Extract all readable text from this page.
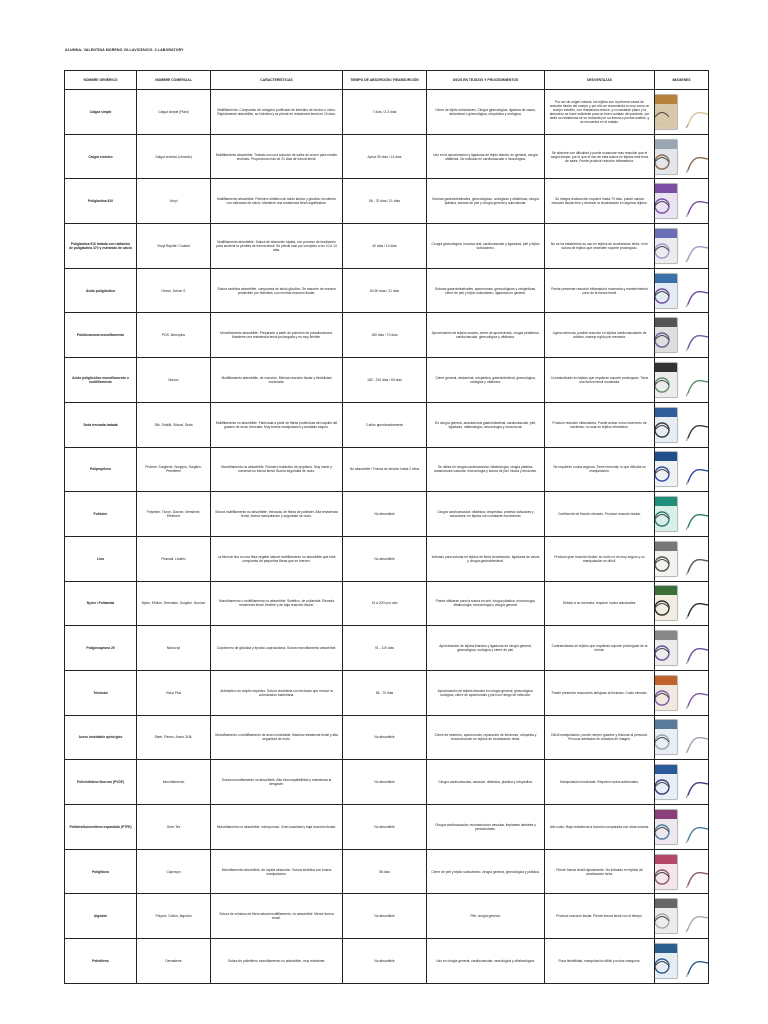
ALUMNA: VALENTINA MORENO VILLAVICENCIO. 3 LABORATORY
NOMBRE GENÉRICO	NOMBRE COMERCIAL	CARACTERÍSTICAS	TIEMPO DE ABSORCIÓN / REABSORCIÓN	USOS EN TEJIDOS Y PROCEDIMIENTOS	DESVENTAJAS	IMÁGENES
Catgut simple	Catgut simple (Plain)	Multifilamento. Compuesto de colágeno purificado de intestino de bovino u ovino. Rápidamente absorbible, se hidroliza y se pierde en resistencia tensil en 10 días.	7 días / 2-3 días	Cierre de tejido subcutáneo, Cirugía ginecológica, ligadura de vasos, abdominal o ginecológica, ortopédica y urológica.	Por ser de origen natural, los tejidos son la primera causa de reacción tisular del cuerpo y por ello se recomienda su uso como un cuerpo extraño, con resistencia reduce, y su bastante plano y la absorción se hace suficiente para un buen cuidado del paciente, por tanto su resistencia se ve reducida por su fuerza a puntos sueltos, y se encuentra en el estado.	

Catgut crómico	Catgut crómico (chromic)	Multifilamento absorbible. Tratado con una solución de sales de cromo para resistir enzimas. Proporciona más de 21 días de fuerza tensil.	Aprox 90 días / 14 días	Uso en la aproximación y ligaduras de tejido blando, en general, cirugía oftálmica. No indicado en cardiovascular o neurológica.	Se absorbe con dificultad y puede ocasionar más reacción que el catgut simple, por lo que el uso de esta sutura en tejidos más finos de sales. Puede producir reacción inflamatoria.	

Poliglactina 910	Vicryl	Multifilamento absorbible. Polímero sintético de ácido láctico y glicólico recubierto con estearato de calcio. Mantiene una resistencia tensil significativa.	56 - 70 días / 21 días	Suturas gastrointestinales, ginecológicas, urológicas y oftálmicas, cirugía plástica, suturas de piel y cirugía general y subcuticular.	Su integra reabsorción requiere hasta 70 días, puede causar reacción tisular leve y demorar la cicatrización en algunos tejidos.	

Poliglactina 910 tratada con radiación de poliglactina 370 y estearato de calcio	Vicryl Rapide / Coated	Multifilamento absorbible. Sutura de absorción rápida, con proceso de irradiación para acelerar la pérdida de fuerza tensil. Se pierde casi por completo a los 10 a 14 días.	42 días / 10 días	Cirugía ginecológica, mucosa oral, cardiovascular y ligaduras, piel y tejido subcutáneo.	No se ha establecido su uso en tejidos de cicatrización lenta, ni en sutura de tejidos que necesiten soporte prolongado.	

Ácido poliglicólico	Dexon, Dexon S	Sutura sintética absorbible, compuesta de ácido glicólico. Se absorbe de manera predecible por hidrólisis, con mínima reacción tisular.	60-90 días / 21 días	Suturas gastrointestinales, aponeurosis, ginecológicas y ortopédicas, cierre de piel y tejido subcutáneo, ligaduras en general.	Puede presentar reacción inflamatoria moderada y mantenimiento corto de la fuerza tensil.	

Polidioxanona monofilamento	PDS, Monoplus	Monofilamento absorbible. Preparado a partir de polímero de paradioxanona. Mantiene una resistencia tensil prolongada y es muy flexible.	180 días / 70 días	Aproximación de tejidos suaves, cierre de aponeurosis, cirugía pediátrica, cardiovascular, ginecológica y oftálmica.	Ligera memoria, posible reacción en tejidos cardiovasculares de adultos, manejo rígido por memoria.	

Ácido poliglicólico monofilamento o multifilamento	Maxon	Multifilamento absorbible, de reacción. Mínima reacción tisular y flexibilidad moderada.	180 - 210 días / 60 días	Cierre general, abdominal, ortopédica, gastrointestinal, ginecológica, urológica y oftálmica.	Contraindicado en tejidos que requieran soporte prolongado. Tiene una fuerza tensil moderada.	

Seda trenzada tratada	Silk, Sofsilk, Silcoat, Seda	Multifilamento no absorbible. Fabricada a partir de fibras proteínicas del capullo del gusano de seda, trenzada. Muy buena manipulación y anudado seguro.	2 años aproximadamente	En cirugía general, anastomosis gastrointestinal, cardiovascular, piel, ligaduras, oftalmología, neurocirugía y zona bucal.	Produce reacción inflamatoria. Puede actuar como reservorio de bacterias, no usar en tejidos infectados.	

Polipropileno	Prolene, Surgilene, Surgipro, Surgilén, Premilene	Monofilamento no absorbible. Polímero isotáctico de propileno. Muy inerte y conserva su fuerza tensil. Buena seguridad de nudo.	No absorbible / Fuerza de tensión hasta 2 años	Se utiliza en cirugía cardiovascular, oftalmología, cirugía plástica, anastomosis vascular, microcirugía y sutura de piel, fascia y tendones.	Se requieren nudos seguros. Tiene memoria, lo que dificulta su manipulación.	

Poliéster	Polyester, Ticron, Dacron, Mersilene, Ethibond	Sutura multifilamento no absorbible, trenzada, de fibras de poliéster. Alta resistencia tensil, buena manipulación y seguridad de nudo.	No absorbible	Cirugía cardiovascular, oftálmica, ortopédica, prótesis valvulares y vasculares, en tejidos con constante movimiento.	Coeficiente de fricción elevado. Produce reacción tisular.	

Lino	Pearsall, Linatrix	La fibra de lino es una fibra vegetal natural multifilamento no absorbible que está compuesta de pequeñas fibras que se tuercen.	No absorbible	Indicado para suturas en tejidos de lenta cicatrización, ligaduras de vasos y cirugía gastrointestinal.	Produce gran reacción tisular, su nudo no es muy seguro y su manipulación es difícil.	

Nylon / Poliamida	Nylon, Ethilon, Dermalon, Surgilon, Nurolon	Monofilamento o multifilamento no absorbible. Sintético, de poliamida. Elevada resistencia tensil, flexible y de baja reacción tisular.	15 a 20% por año	Puede utilizarse para la sutura en piel, cirugía plástica, microcirugía, oftalmología, neurocirugía y cirugía general.	Debido a su memoria, requiere nudos adicionales.	

Poliglecaprona 25	Monocryl	Copolímero de glicólida y épsilon-caprolactona. Sutura monofilamento absorbible.	91 - 119 días	Aproximación de tejidos blandos y ligaduras en cirugía general, ginecológica, urológica y cierre de piel.	Contraindicado en tejidos que requieran soporte prolongado de la herida.	

Triclosán	Vicryl Plus	Antiséptico de amplio espectro. Sutura recubierta con triclosán que reduce la colonización bacteriana.	56 - 70 días	Aproximación de tejidos blandos en cirugía general, ginecológica, urológica, cierre de aponeurosis y piel con riesgo de infección.	Puede presentar reacciones alérgicas al triclosán. Costo elevado.	

Acero inoxidable quirúrgico	Steel, Flexon, Acero 316L	Monofilamento o multifilamento de acero inoxidable. Máxima resistencia tensil y alta seguridad de nudo.	No absorbible	Cierre de esternón, aponeurosis, reparación de tendones, ortopedia y reconstrucción en tejidos de cicatrización lenta.	Difícil manipulación, puede romper guantes y lesionar al personal. Provoca artefactos en estudios de imagen.	

Polivinilideno fluoruro (PVDF)	Monofilamento	Sutura monofilamento no absorbible. Alta biocompatibilidad y resistencia al desgaste.	No absorbible	Cirugía cardiovascular, vascular, oftálmica, plástica y ortopédica.	Manipulación moderada. Requiere nudos adicionales.	

Politetrafluoroetileno expandido (PTFE)	Gore-Tex	Monofilamento no absorbible, microporoso. Gran suavidad y baja reacción tisular.	No absorbible	Cirugía cardiovascular, reconstrucción vascular, implantes dentales y periodontales.	Alto costo. Baja resistencia a tracción comparada con otras suturas.	

Poliglitona	Caprosyn	Monofilamento absorbible, de rápida absorción. Sutura sintética con buena manipulación.	56 días	Cierre de piel y tejido subcutáneo, cirugía general, ginecológica y plástica.	Pierde fuerza tensil rápidamente. No indicado en tejidos de cicatrización lenta.	

Algodón	Polycot, Cotton, Algodón	Sutura de celulosa de fibra natural multifilamento, no absorbible. Menor fuerza tensil.	No absorbible	Piel, cirugía general.	Produce reacción tisular. Pierde fuerza tensil con el tiempo.	

Polietileno	Dermalene	Sutura de polietileno monofilamento no absorbible, muy resistente.	No absorbible	Uso en cirugía general, cardiovascular, neurológica y oftalmológica.	Poca flexibilidad, manipulación difícil y nudos inseguros.	
